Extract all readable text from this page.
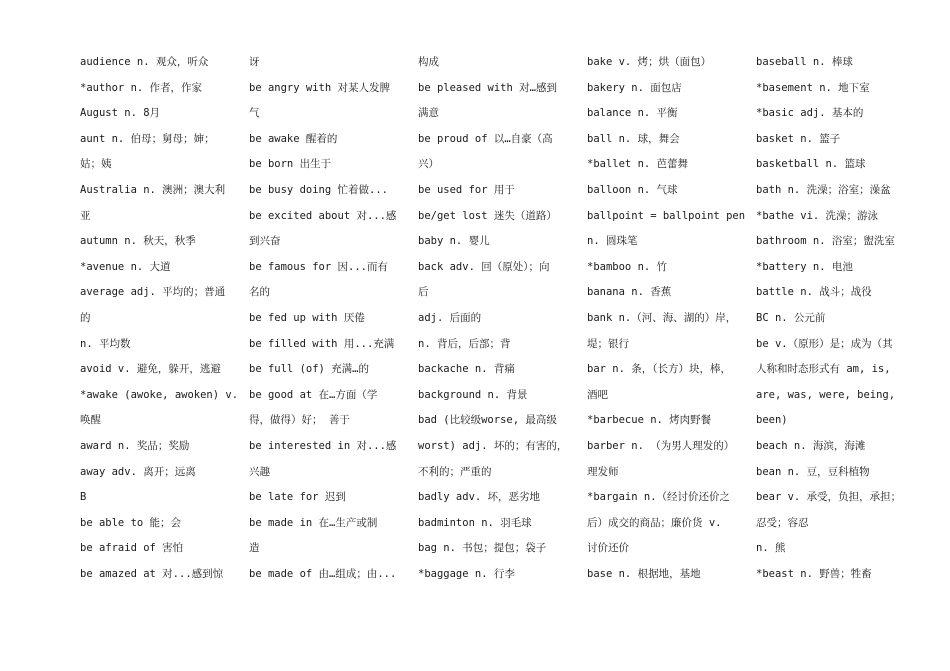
audience n. 观众，听众
*author n. 作者，作家
August n. 8月
aunt n. 伯母；舅母；婶；
姑；姨
Australia n. 澳洲；澳大利
亚
autumn n. 秋天，秋季
*avenue n. 大道
average adj. 平均的；普通
的
n. 平均数
avoid v. 避免，躲开，逃避
*awake (awoke, awoken) v.
唤醒
award n. 奖品；奖励
away adv. 离开；远离
B
be able to 能；会
be afraid of 害怕
be amazed at 对...感到惊
讶
be angry with 对某人发脾
气
be awake 醒着的
be born 出生于
be busy doing 忙着做...
be excited about 对...感
到兴奋
be famous for 因...而有
名的
be fed up with 厌倦
be filled with 用...充满
be full (of) 充满…的
be good at 在…方面（学
得，做得）好； 善于
be interested in 对...感
兴趣
be late for 迟到
be made in 在…生产或制
造
be made of 由…组成；由...
构成
be pleased with 对…感到
满意
be proud of 以…自豪（高
兴）
be used for 用于
be/get lost 迷失（道路）
baby n. 婴儿
back adv. 回（原处）；向
后
adj. 后面的
n. 背后，后部；背
backache n. 背痛
background n. 背景
bad (比较级worse, 最高级
worst) adj. 坏的；有害的，
不利的；严重的
badly adv. 坏，恶劣地
badminton n. 羽毛球
bag n. 书包；提包；袋子
*baggage n. 行李
bake v. 烤；烘（面包）
bakery n. 面包店
balance n. 平衡
ball n. 球，舞会
*ballet n. 芭蕾舞
balloon n. 气球
ballpoint = ballpoint pen
n. 圆珠笔
*bamboo n. 竹
banana n. 香蕉
bank n.（河、海、湖的）岸，
堤；银行
bar n. 条，（长方）块，棒，
酒吧
*barbecue n. 烤肉野餐
barber n. （为男人理发的）
理发师
*bargain n.（经讨价还价之
后）成交的商品；廉价货 v.
讨价还价
base n. 根据地，基地
baseball n. 棒球
*basement n. 地下室
*basic adj. 基本的
basket n. 篮子
basketball n. 篮球
bath n. 洗澡；浴室；澡盆
*bathe vi. 洗澡；游泳
bathroom n. 浴室；盥洗室
*battery n. 电池
battle n. 战斗；战役
BC n. 公元前
be v.（原形）是；成为（其
人称和时态形式有 am, is,
are, was, were, being,
been)
beach n. 海滨，海滩
bean n. 豆，豆科植物
bear v. 承受，负担，承担；
忍受；容忍
n. 熊
*beast n. 野兽；牲畜
